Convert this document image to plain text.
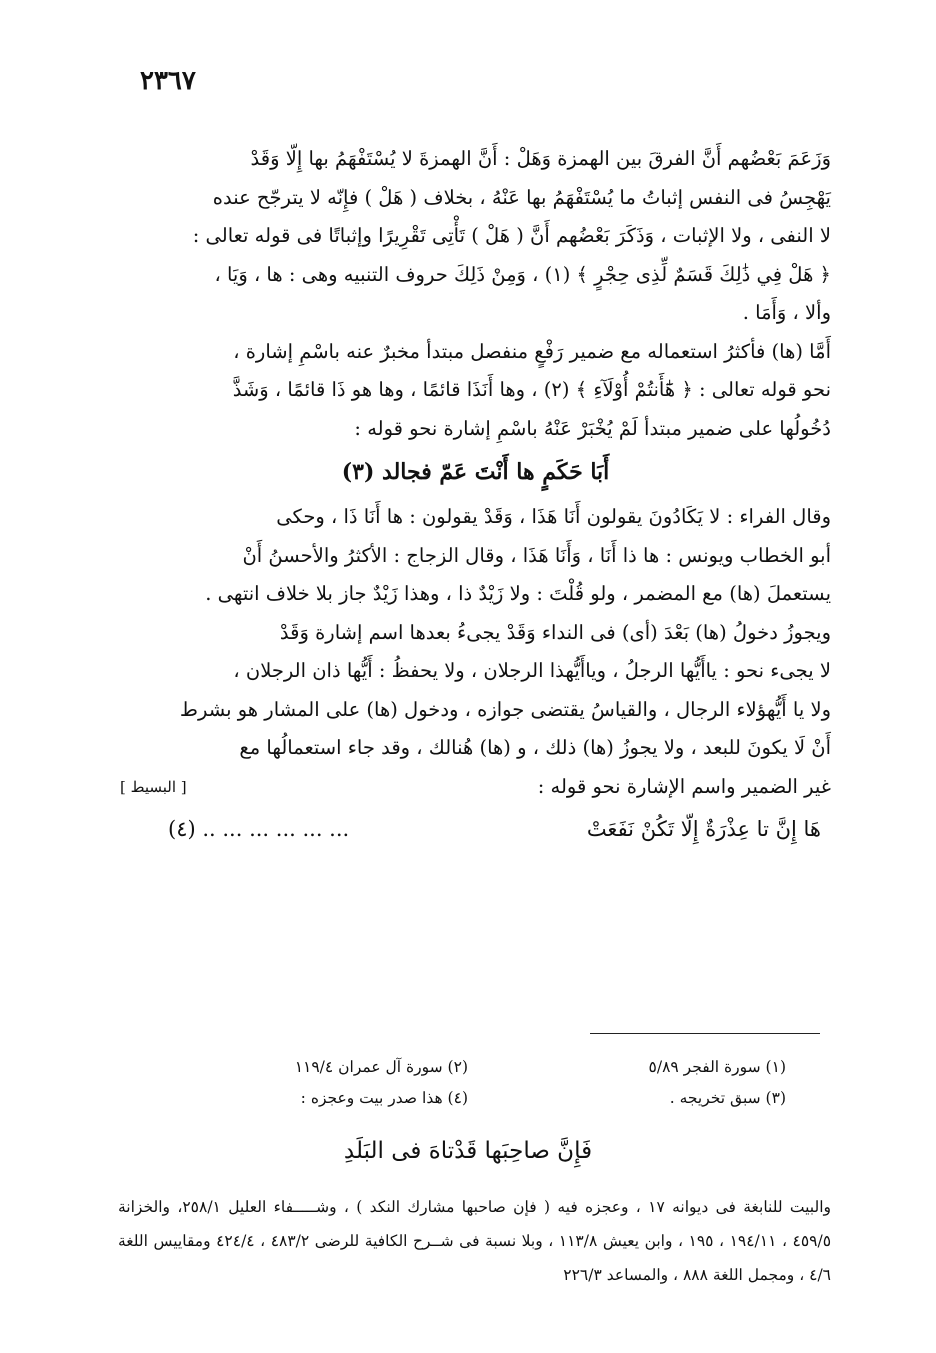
٢٣٦٧

وَزَعَمَ بَعْضُهم أَنَّ الفرقَ بين الهمزة وَهَلْ : أَنَّ الهمزةَ لا يُسْتَفْهَمُ بها إِلّا وَقَدْ

يَهْجِسُ فى النفس إثباتُ ما يُسْتَفْهَمُ بها عَنْهُ ، بخلاف ( هَلْ ) فإِنّه لا يترجّح عنده

لا النفى ، ولا الإثبات ، وَذَكَرَ بَعْضُهم أَنَّ ( هَلْ ) تَأْتِى تَقْرِيرًا وإثباتًا فى قوله تعالى :

﴿ هَلْ فِي ذَٰلِكَ قَسَمٌ لِّذِى حِجْرٍ ﴾ (١) ، وَمِنْ ذَلِكَ حروف التنبيه وهى : ها ، وَيَا ،

وألا ، وَأَمَا .

أَمَّا (ها) فأكثرُ استعماله مع ضمير رَفْعٍ منفصل مبتدأ مخبرٌ عنه باسْمِ إشارة ،

نحو قوله تعالى : ﴿ هَٰٓأَنتُمْ أُوْلَآءِ ﴾ (٢) ، وها أَنَذَا قائمًا ، وها هو ذَا قائمًا ، وَشَذَّ

دُخُولُها على ضمير مبتدأ لَمْ يُخْبَرْ عَنْهُ باسْمِ إشارة نحو قوله :

أَبَا حَكَمٍ ها أَنْتَ عَمّ فجالد (٣)

وقال الفراء : لا يَكَادُونَ يقولون أَنَا هَذَا ، وَقَدْ يقولون : ها أَنَا ذَا ، وحكى

أبو الخطاب ويونس : ها ذا أَنَا ، وَأَنَا هَذَا ، وقال الزجاج : الأكثرُ والأحسنُ أَنْ

يستعملَ (ها) مع المضمر ، ولو قُلْتَ : ولا زَيْدٌ ذا ، وهذا زَيْدٌ جاز بلا خلاف انتهى .

ويجوزُ دخولُ (ها) بَعْدَ (أى) فى النداء وَقَدْ يجىءُ بعدها اسم إشارة وَقَدْ

لا يجىء نحو : ياأَيُّها الرجلُ ، وياأَيُّهذا الرجلان ، ولا يحفظُ : أَيُّها ذان الرجلان ،

ولا يا أَيُّهؤلاء الرجال ، والقياسُ يقتضى جوازه ، ودخول (ها) على المشار هو بشرط

أَنْ لَا يكونَ للبعد ، ولا يجوزُ (ها) ذلك ، و (ها) هُنالك ، وقد جاء استعمالُها مع

غير الضمير واسم الإشارة نحو قوله :
[ البسيط ]

هَا إِنَّ تا عِذْرَةٌ إِلّا تَكُنْ نَفَعَتْ
... ... ... ... ... .. (٤)

(١) سورة الفجر ٥/٨٩
(٢) سورة آل عمران ١١٩/٤
(٣) سبق تخريجه .
(٤) هذا صدر بيت وعجزه :
فَإِنَّ صاحِبَها قَدْتاهَ فى البَلَدِ
والبيت للنابغة فى ديوانه ١٧ ، وعجزه فيه ( فإن صاحبها مشارك النكد ) ، وشـــــفاء العليل ٢٥٨/١، والخزانة ٤٥٩/٥ ، ١٩٤/١١ ، ١٩٥ ، وابن يعيش ١١٣/٨ ، وبلا نسبة فى شــرح الكافية للرضى ٤٨٣/٢ ، ٤٢٤/٤ ومقاييس اللغة ٤/٦ ، ومجمل اللغة ٨٨٨ ، والمساعد ٢٢٦/٣
